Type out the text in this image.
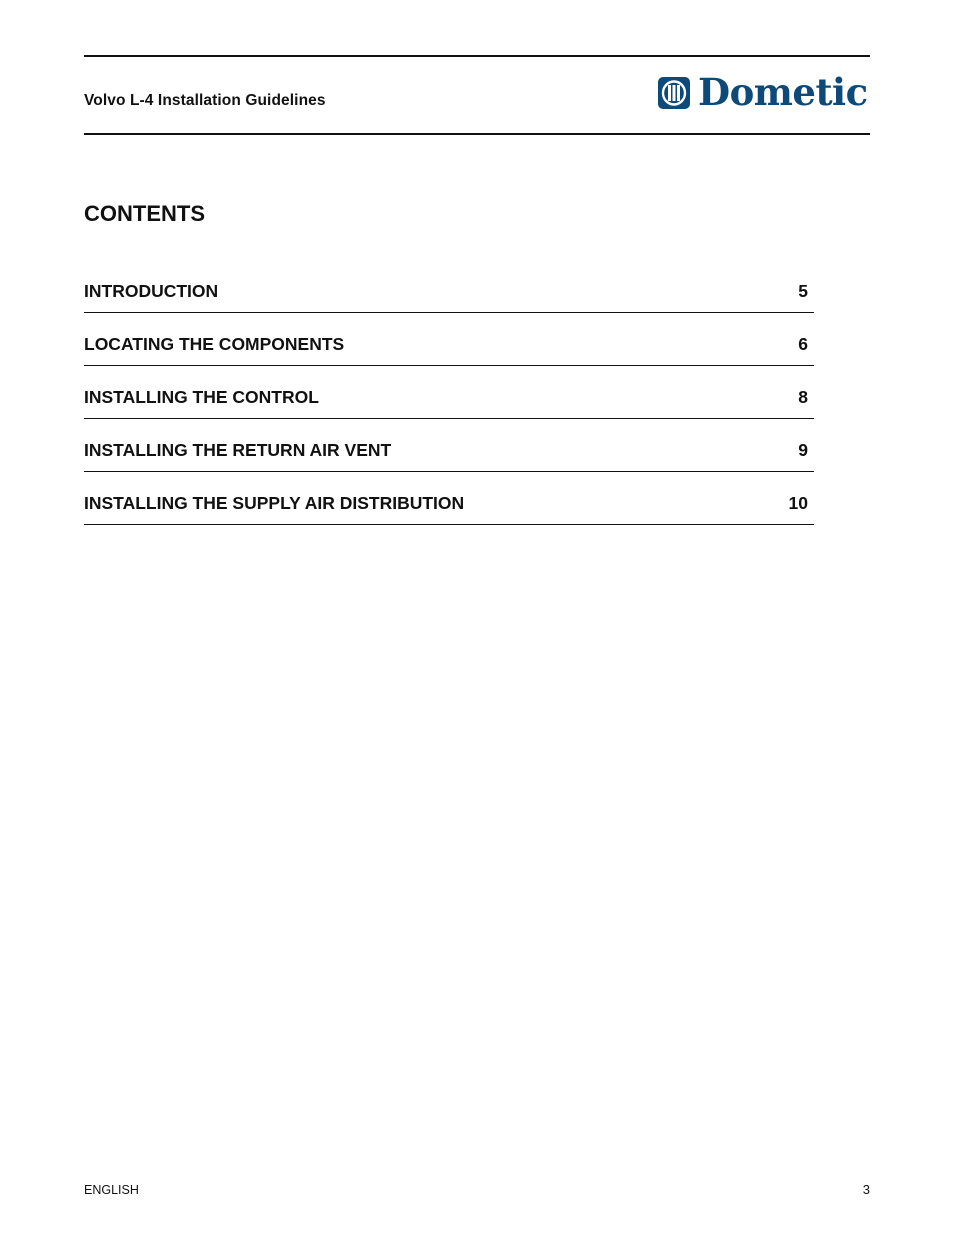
Volvo L-4 Installation Guidelines	Dometic
CONTENTS
INTRODUCTION	5
LOCATING THE COMPONENTS	6
INSTALLING THE CONTROL	8
INSTALLING THE RETURN AIR VENT	9
INSTALLING THE SUPPLY AIR DISTRIBUTION	10
ENGLISH	3
